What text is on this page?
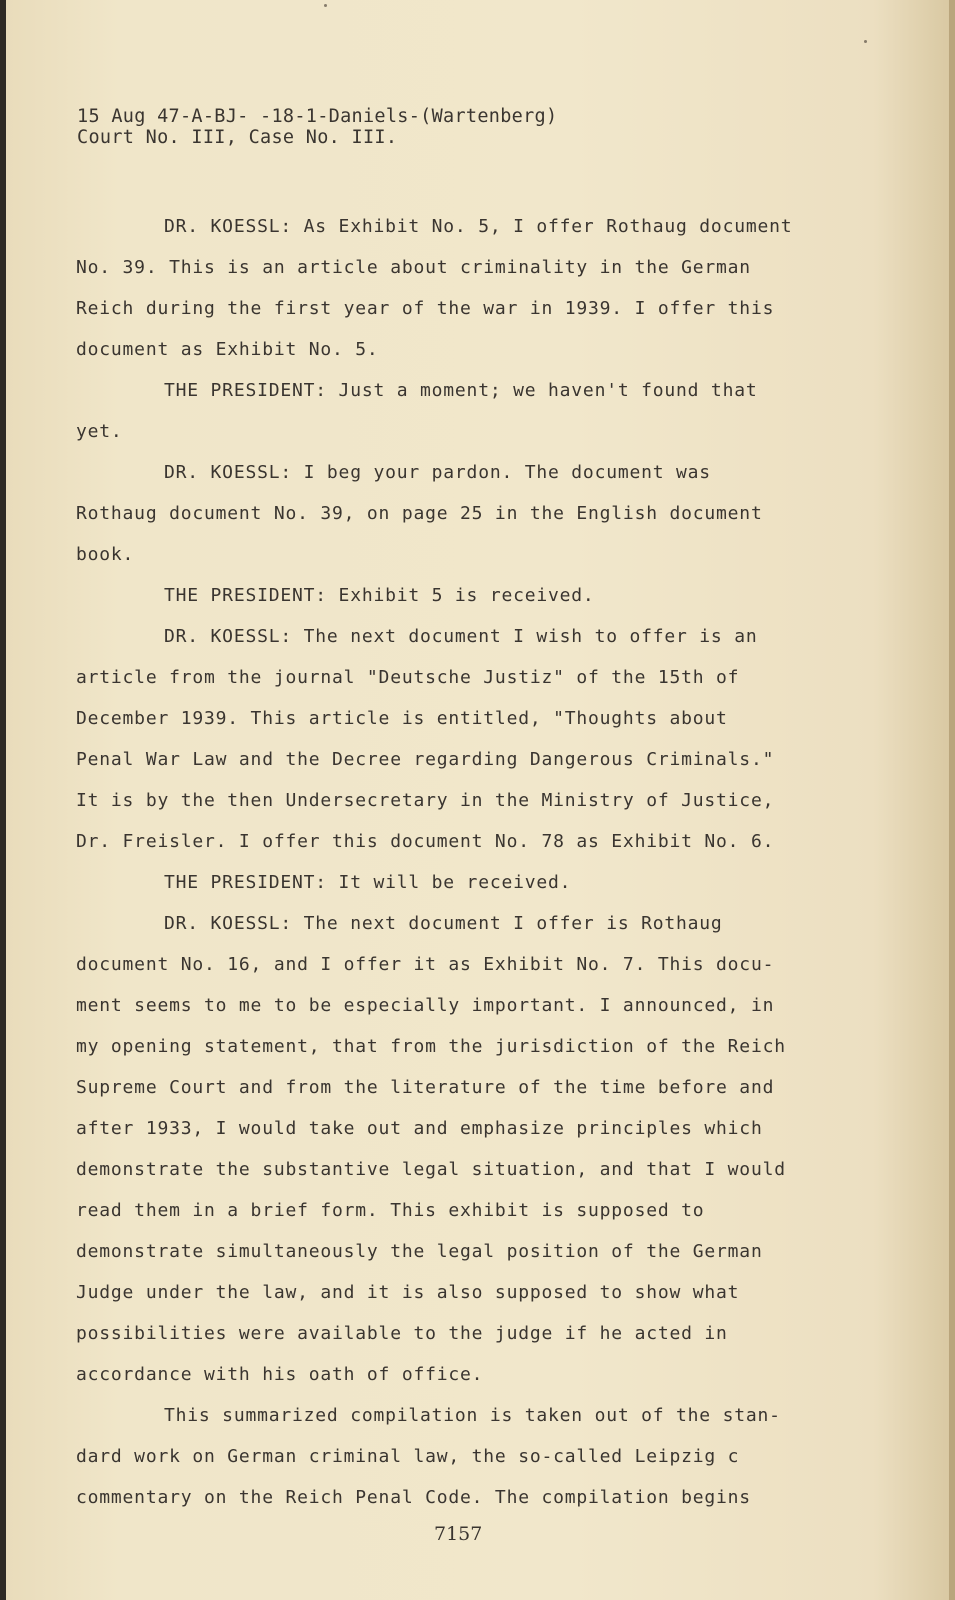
15 Aug 47-A-BJ- -18-1-Daniels-(Wartenberg)
Court No. III, Case No. III.
DR. KOESSL: As Exhibit No. 5, I offer Rothaug document
No. 39. This is an article about criminality in the German
Reich during the first year of the war in 1939. I offer this
document as Exhibit No. 5.
THE PRESIDENT: Just a moment; we haven't found that
yet.
DR. KOESSL: I beg your pardon. The document was
Rothaug document No. 39, on page 25 in the English document
book.
THE PRESIDENT: Exhibit 5 is received.
DR. KOESSL: The next document I wish to offer is an
article from the journal "Deutsche Justiz" of the 15th of
December 1939. This article is entitled, "Thoughts about
Penal War Law and the Decree regarding Dangerous Criminals."
It is by the then Undersecretary in the Ministry of Justice,
Dr. Freisler. I offer this document No. 78 as Exhibit No. 6.
THE PRESIDENT: It will be received.
DR. KOESSL: The next document I offer is Rothaug
document No. 16, and I offer it as Exhibit No. 7. This docu-
ment seems to me to be especially important. I announced, in
my opening statement, that from the jurisdiction of the Reich
Supreme Court and from the literature of the time before and
after 1933, I would take out and emphasize principles which
demonstrate the substantive legal situation, and that I would
read them in a brief form. This exhibit is supposed to
demonstrate simultaneously the legal position of the German
Judge under the law, and it is also supposed to show what
possibilities were available to the judge if he acted in
accordance with his oath of office.
This summarized compilation is taken out of the stan-
dard work on German criminal law, the so-called Leipzig c
commentary on the Reich Penal Code. The compilation begins
7157
